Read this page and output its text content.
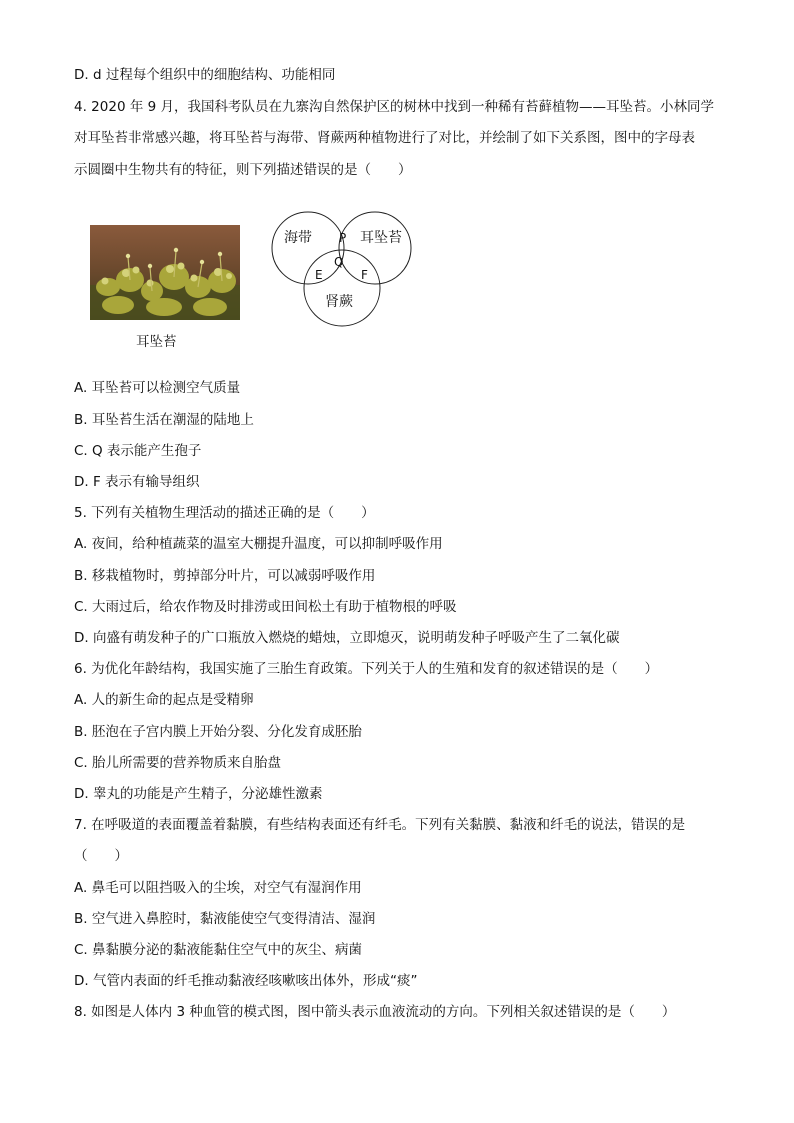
D. d 过程每个组织中的细胞结构、功能相同
4. 2020 年 9 月，我国科考队员在九寨沟自然保护区的树林中找到一种稀有苔藓植物——耳坠苔。小林同学
对耳坠苔非常感兴趣，将耳坠苔与海带、肾蕨两种植物进行了对比，并绘制了如下关系图，图中的字母表
示圆圈中生物共有的特征，则下列描述错误的是（　　）
A. 耳坠苔可以检测空气质量
B. 耳坠苔生活在潮湿的陆地上
C. Q 表示能产生孢子
D. F 表示有输导组织
5. 下列有关植物生理活动的描述正确的是（　　）
A. 夜间，给种植蔬菜的温室大棚提升温度，可以抑制呼吸作用
B. 移栽植物时，剪掉部分叶片，可以减弱呼吸作用
C. 大雨过后，给农作物及时排涝或田间松土有助于植物根的呼吸
D. 向盛有萌发种子的广口瓶放入燃烧的蜡烛，立即熄灭，说明萌发种子呼吸产生了二氧化碳
6. 为优化年龄结构，我国实施了三胎生育政策。下列关于人的生殖和发育的叙述错误的是（　　）
A. 人的新生命的起点是受精卵
B. 胚泡在子宫内膜上开始分裂、分化发育成胚胎
C. 胎儿所需要的营养物质来自胎盘
D. 睾丸的功能是产生精子，分泌雄性激素
7. 在呼吸道的表面覆盖着黏膜，有些结构表面还有纤毛。下列有关黏膜、黏液和纤毛的说法，错误的是
（　　）
A. 鼻毛可以阻挡吸入的尘埃，对空气有湿润作用
B. 空气进入鼻腔时，黏液能使空气变得清洁、湿润
C. 鼻黏膜分泌的黏液能黏住空气中的灰尘、病菌
D. 气管内表面的纤毛推动黏液经咳嗽咳出体外，形成“痰”
8. 如图是人体内 3 种血管的模式图，图中箭头表示血液流动的方向。下列相关叙述错误的是（　　）
耳坠苔
海带	耳坠苔
肾蕨
P
Q
E	F
